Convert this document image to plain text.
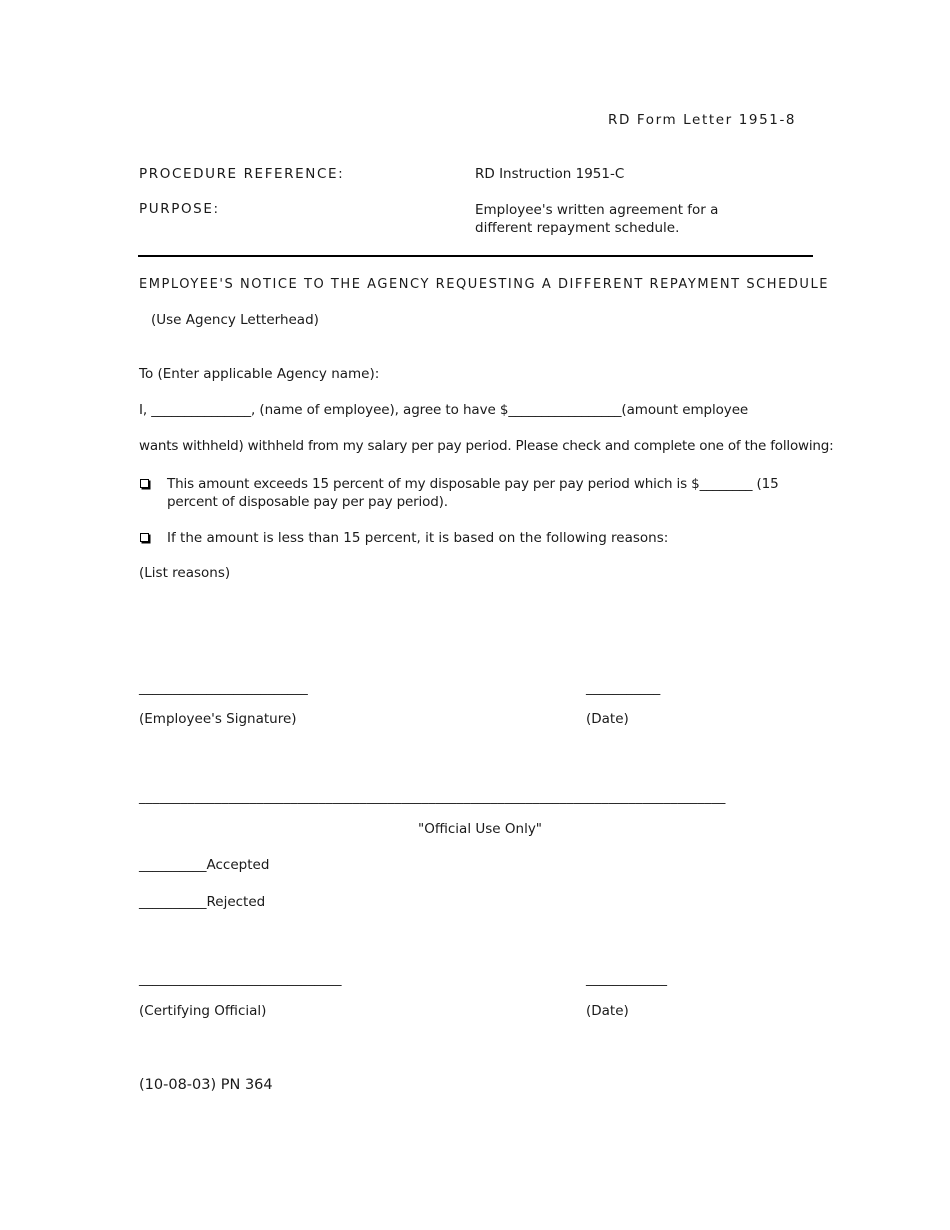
RD Form Letter 1951-8
PROCEDURE REFERENCE:	RD Instruction 1951-C
PURPOSE:	Employee's written agreement for a different repayment schedule.
EMPLOYEE'S NOTICE TO THE AGENCY REQUESTING A DIFFERENT REPAYMENT SCHEDULE
(Use Agency Letterhead)
To (Enter applicable Agency name):
I, _______________, (name of employee), agree to have $_________________(amount employee
wants withheld) withheld from my salary per pay period. Please check and complete one of the following:
This amount exceeds 15 percent of my disposable pay per pay period which is $________ (15 percent of disposable pay per pay period).
If the amount is less than 15 percent, it is based on the following reasons:
(List reasons)
_________________________	___________
(Employee's Signature)	(Date)
_____________________________________________________________________________________
"Official Use Only"
__________Accepted
__________Rejected
______________________________	____________
(Certifying Official)	(Date)
(10-08-03) PN 364
